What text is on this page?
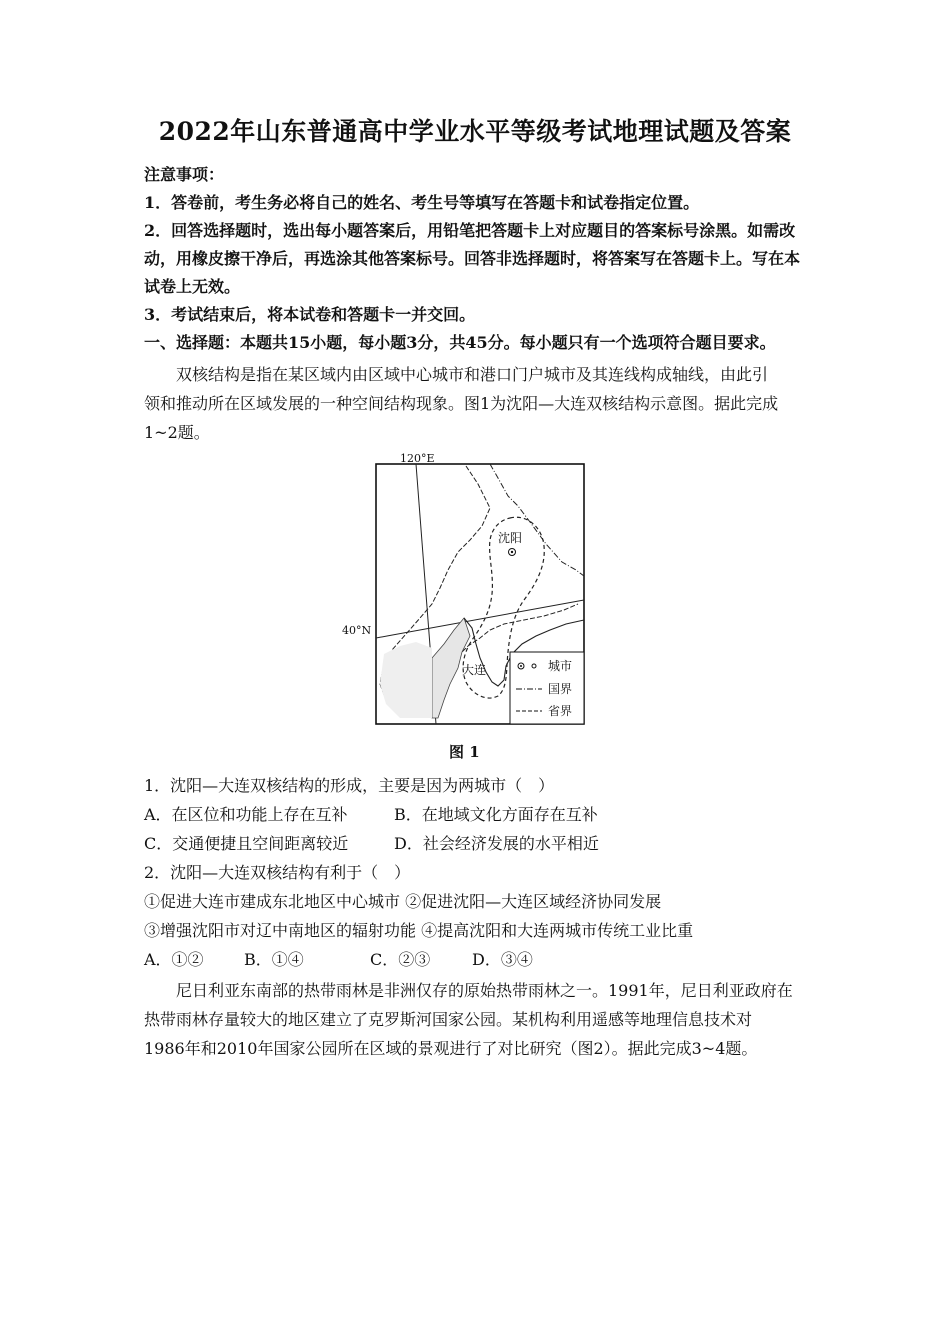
2022年山东普通高中学业水平等级考试地理试题及答案
注意事项：
1．答卷前，考生务必将自己的姓名、考生号等填写在答题卡和试卷指定位置。
2．回答选择题时，选出每小题答案后，用铅笔把答题卡上对应题目的答案标号涂黑。如需改
动，用橡皮擦干净后，再选涂其他答案标号。回答非选择题时，将答案写在答题卡上。写在本
试卷上无效。
3．考试结束后，将本试卷和答题卡一并交回。
一、选择题：本题共15小题，每小题3分，共45分。每小题只有一个选项符合题目要求。
双核结构是指在某区域内由区域中心城市和港口门户城市及其连线构成轴线，由此引
领和推动所在区域发展的一种空间结构现象。图1为沈阳—大连双核结构示意图。据此完成
1~2题。
沈阳
大连
120°E
40°N
城市
国界
省界
图 1
1．沈阳—大连双核结构的形成，主要是因为两城市（　）
A．在区位和功能上存在互补	B．在地域文化方面存在互补
C．交通便捷且空间距离较近	D．社会经济发展的水平相近
2．沈阳—大连双核结构有利于（　）
①促进大连市建成东北地区中心城市 ②促进沈阳—大连区域经济协同发展
③增强沈阳市对辽中南地区的辐射功能 ④提高沈阳和大连两城市传统工业比重
A．①②	B．①④	C．②③	D．③④
尼日利亚东南部的热带雨林是非洲仅存的原始热带雨林之一。1991年，尼日利亚政府在
热带雨林存量较大的地区建立了克罗斯河国家公园。某机构利用遥感等地理信息技术对
1986年和2010年国家公园所在区域的景观进行了对比研究（图2）。据此完成3~4题。
